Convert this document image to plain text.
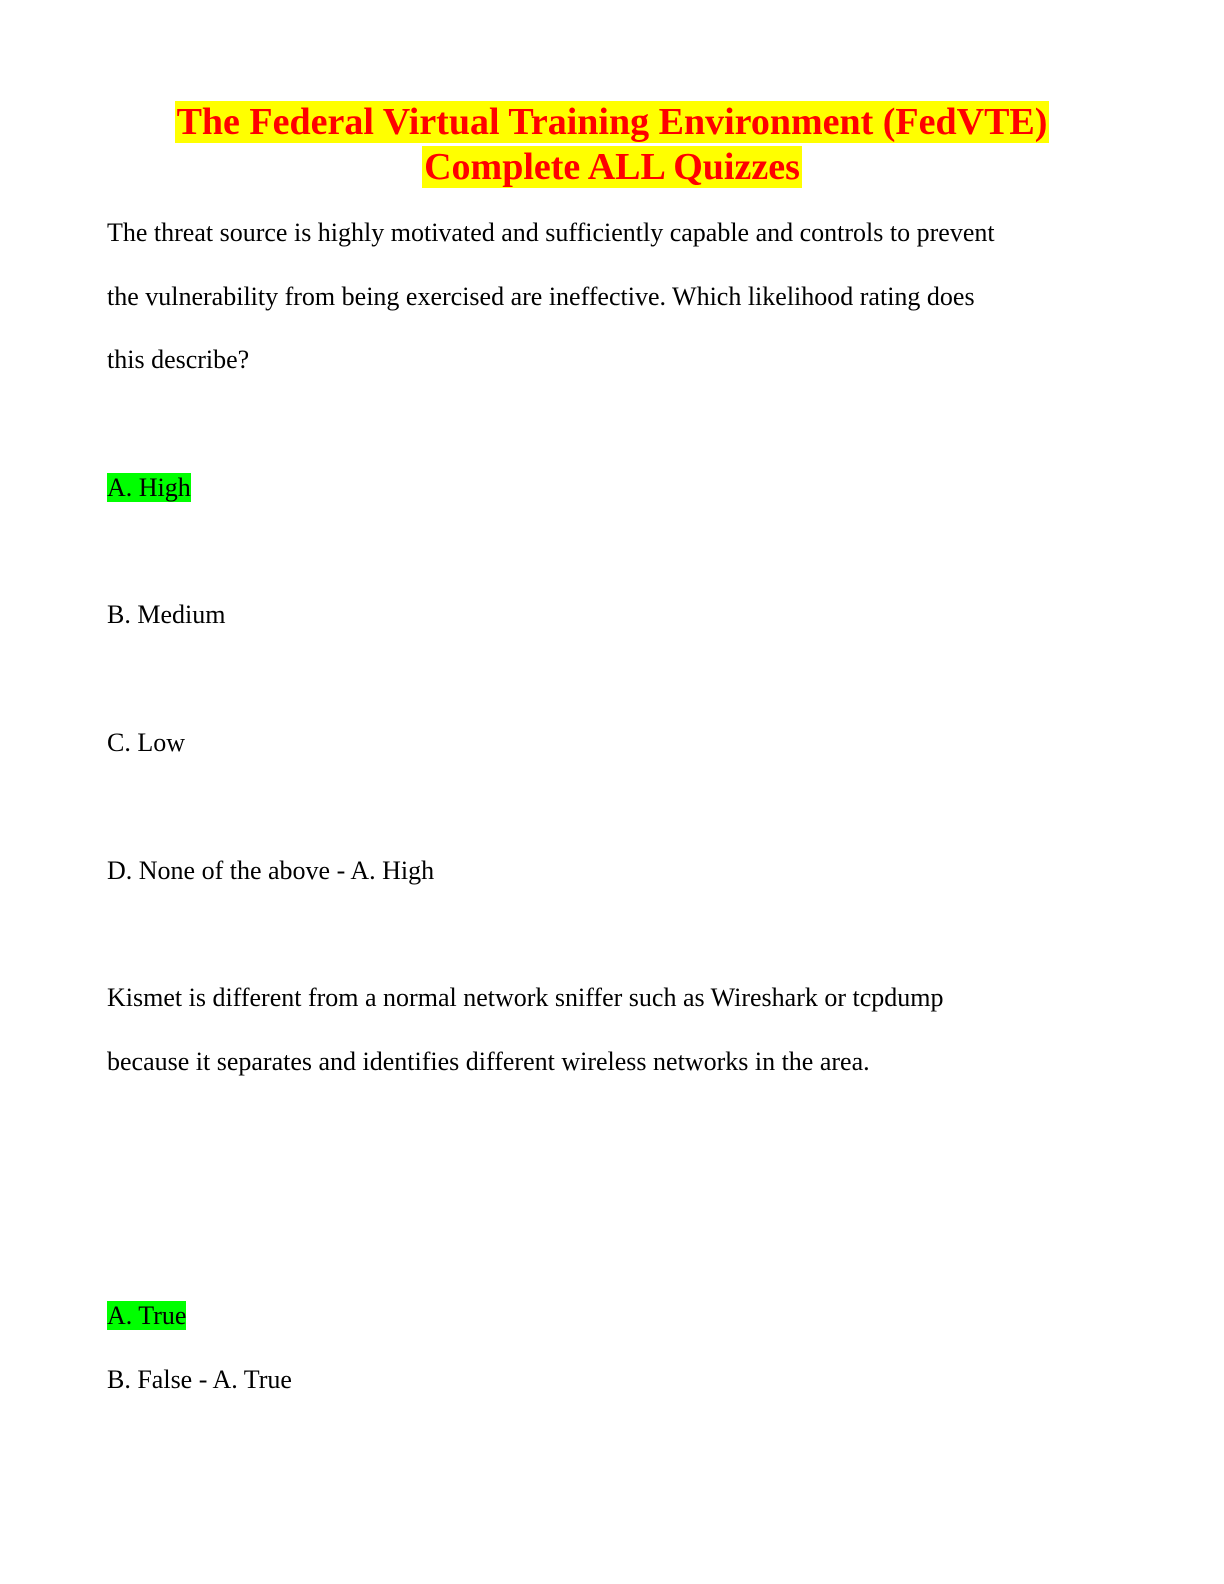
The Federal Virtual Training Environment (FedVTE)
Complete ALL Quizzes
The threat source is highly motivated and sufficiently capable and controls to prevent
the vulnerability from being exercised are ineffective. Which likelihood rating does
this describe?
A. High
B. Medium
C. Low
D. None of the above - A. High
Kismet is different from a normal network sniffer such as Wireshark or tcpdump
because it separates and identifies different wireless networks in the area.
A. True
B. False - A. True
